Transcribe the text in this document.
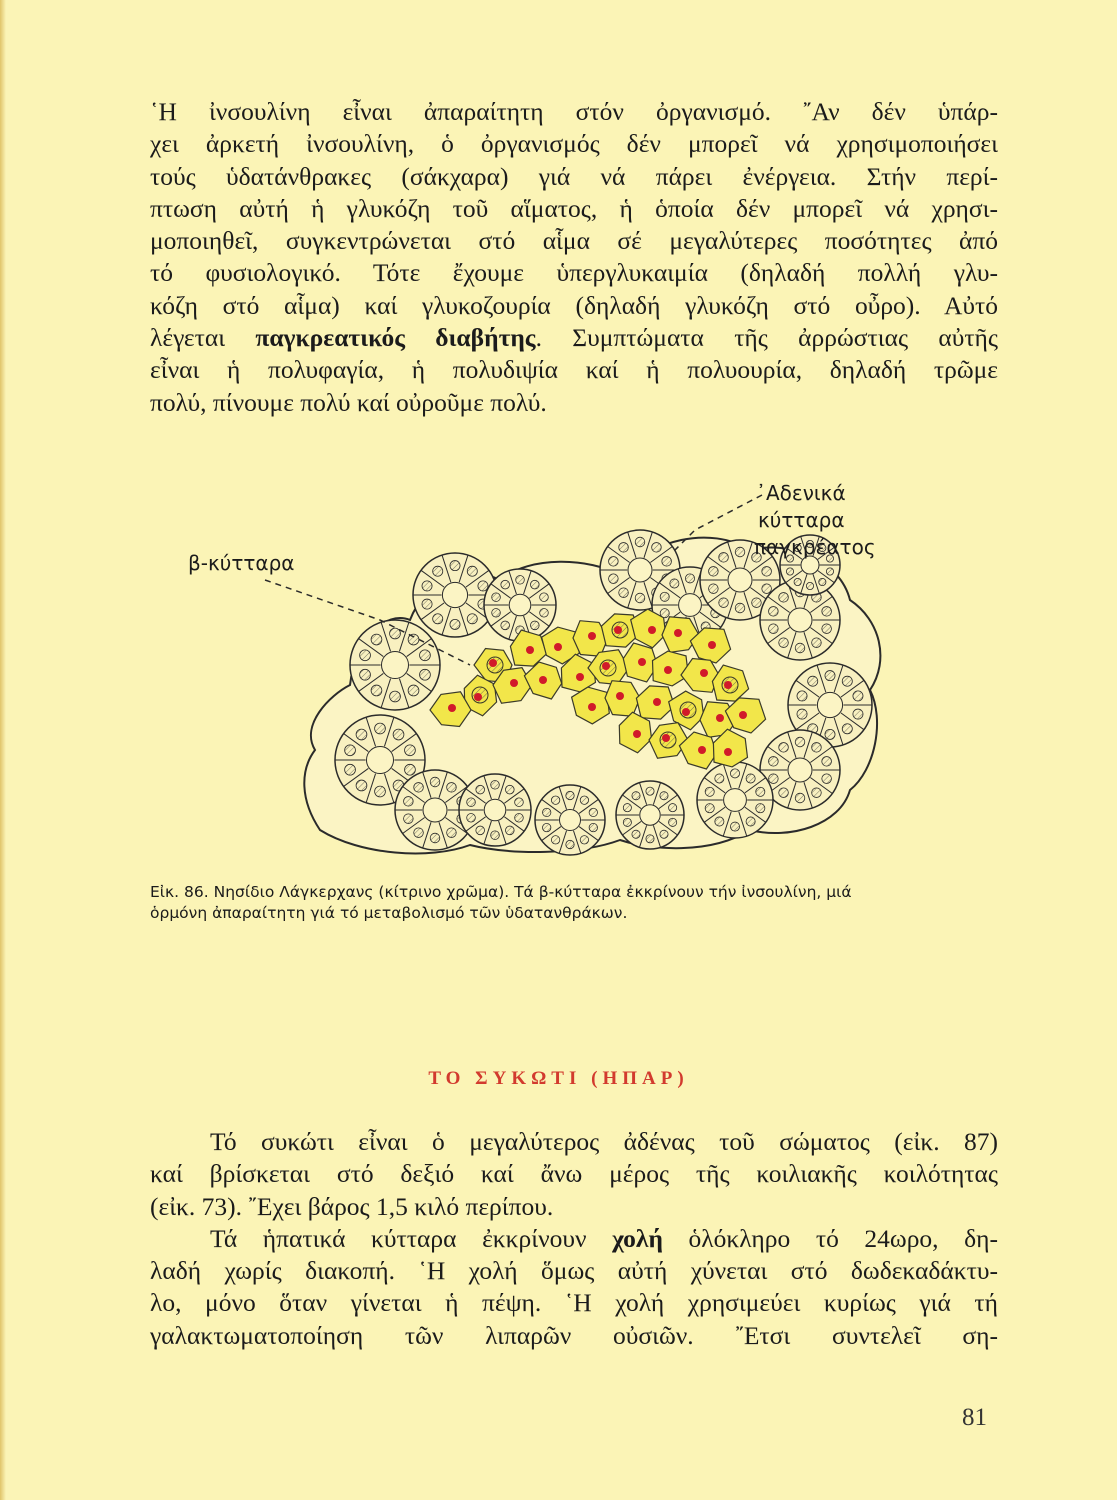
῾Η ἰνσουλίνη εἶναι ἀπαραίτητη στόν ὀργανισμό. ῎Αν δέν ὑπάρ-
χει ἀρκετή ἰνσουλίνη, ὁ ὀργανισμός δέν μπορεῖ νά χρησιμοποιήσει
τούς ὑδατάνθρακες (σάκχαρα) γιά νά πάρει ἐνέργεια. Στήν περί-
πτωση αὐτή ἡ γλυκόζη τοῦ αἵματος, ἡ ὁποία δέν μπορεῖ νά χρησι-
μοποιηθεῖ, συγκεντρώνεται στό αἷμα σέ μεγαλύτερες ποσότητες ἀπό
τό φυσιολογικό. Τότε ἔχουμε ὑπεργλυκαιμία (δηλαδή πολλή γλυ-
κόζη στό αἷμα) καί γλυκοζουρία (δηλαδή γλυκόζη στό οὖρο). Αὐτό
λέγεται παγκρεατικός διαβήτης. Συμπτώματα τῆς ἀρρώστιας αὐτῆς
εἶναι ἡ πολυφαγία, ἡ πολυδιψία καί ἡ πολυουρία, δηλαδή τρῶμε
πολύ, πίνουμε πολύ καί οὐροῦμε πολύ.
β-κύτταρα
᾿Αδενικά
κύτταρα
παγκρέατος
Εἰκ. 86. Νησίδιο Λάγκερχανς (κίτρινο χρῶμα). Τά β-κύτταρα ἐκκρίνουν τήν ἰνσουλίνη, μιά
ὁρμόνη ἀπαραίτητη γιά τό μεταβολισμό τῶν ὑδατανθράκων.
ΤΟ ΣΥΚΩΤΙ (ΗΠΑΡ)
Τό συκώτι εἶναι ὁ μεγαλύτερος ἀδένας τοῦ σώματος (εἰκ. 87)
καί βρίσκεται στό δεξιό καί ἄνω μέρος τῆς κοιλιακῆς κοιλότητας
(εἰκ. 73). ῎Εχει βάρος 1,5 κιλό περίπου.
Τά ἡπατικά κύτταρα ἐκκρίνουν χολή ὁλόκληρο τό 24ωρο, δη-
λαδή χωρίς διακοπή. ῾Η χολή ὅμως αὐτή χύνεται στό δωδεκαδάκτυ-
λο, μόνο ὅταν γίνεται ἡ πέψη. ῾Η χολή χρησιμεύει κυρίως γιά τή
γαλακτωματοποίηση τῶν λιπαρῶν οὐσιῶν. ῎Ετσι συντελεῖ ση-
81
